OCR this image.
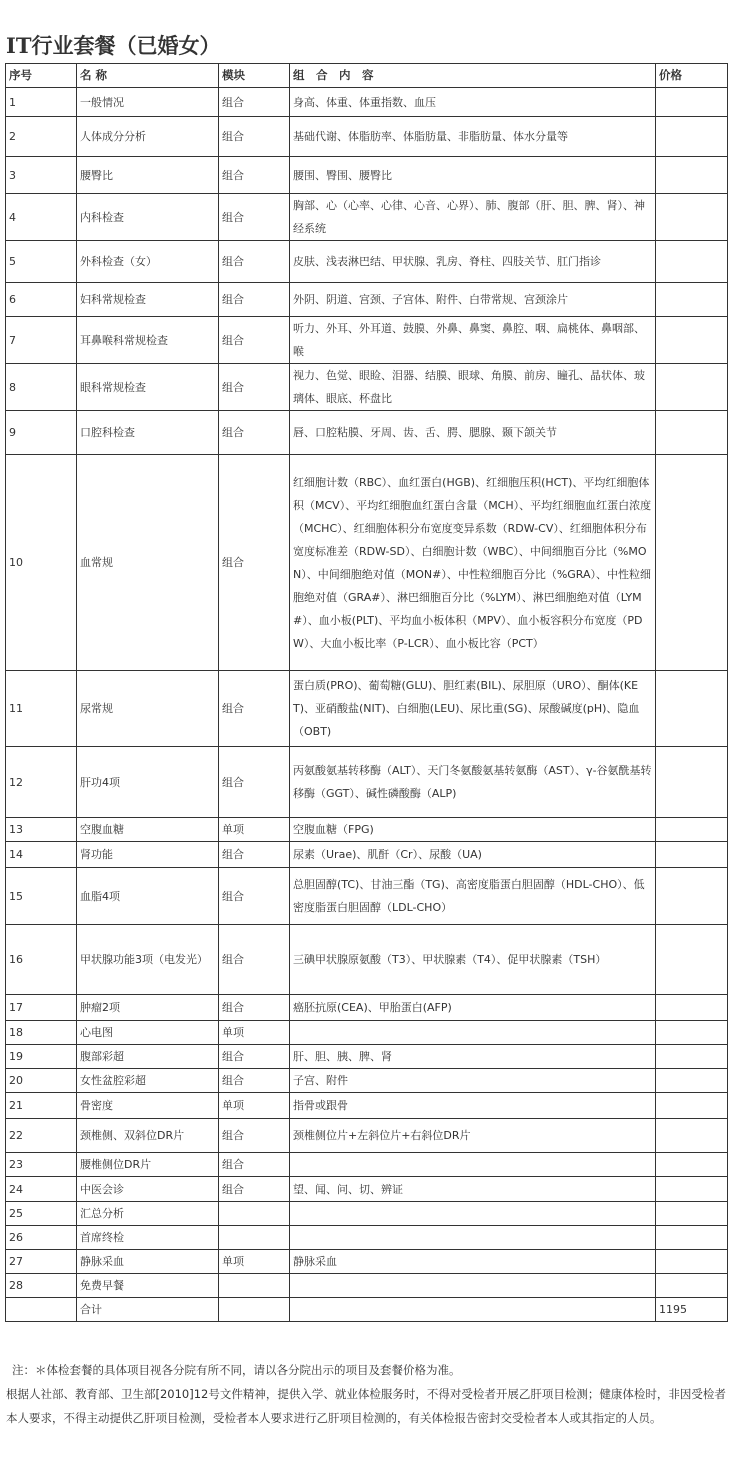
IT行业套餐（已婚女）
序号	名 称	模块	组　合　内　容	价格
1	一般情况	组合	身高、体重、体重指数、血压	
2	人体成分分析	组合	基础代谢、体脂肪率、体脂肪量、非脂肪量、体水分量等	
3	腰臀比	组合	腰围、臀围、腰臀比	
4	内科检查	组合	胸部、心（心率、心律、心音、心界）、肺、腹部（肝、胆、脾、肾）、神经系统	
5	外科检查（女）	组合	皮肤、浅表淋巴结、甲状腺、乳房、脊柱、四肢关节、肛门指诊	
6	妇科常规检查	组合	外阴、阴道、宫颈、子宫体、附件、白带常规、宫颈涂片	
7	耳鼻喉科常规检查	组合	听力、外耳、外耳道、鼓膜、外鼻、鼻窦、鼻腔、咽、扁桃体、鼻咽部、喉	
8	眼科常规检查	组合	视力、色觉、眼睑、泪器、结膜、眼球、角膜、前房、瞳孔、晶状体、玻璃体、眼底、杯盘比	
9	口腔科检查	组合	唇、口腔粘膜、牙周、齿、舌、腭、腮腺、颞下颌关节	
10	血常规	组合	红细胞计数（RBC）、血红蛋白(HGB)、红细胞压积(HCT)、平均红细胞体积（MCV）、平均红细胞血红蛋白含量（MCH）、平均红细胞血红蛋白浓度（MCHC）、红细胞体积分布宽度变异系数（RDW-CV）、红细胞体积分布宽度标准差（RDW-SD）、白细胞计数（WBC）、中间细胞百分比（%MON）、中间细胞绝对值（MON#）、中性粒细胞百分比（%GRA）、中性粒细胞绝对值（GRA#）、淋巴细胞百分比（%LYM）、淋巴细胞绝对值（LYM#）、血小板(PLT)、平均血小板体积（MPV）、血小板容积分布宽度（PDW）、大血小板比率（P-LCR）、血小板比容（PCT）	
11	尿常规	组合	蛋白质(PRO)、葡萄糖(GLU)、胆红素(BIL)、尿胆原（URO）、酮体(KET)、亚硝酸盐(NIT)、白细胞(LEU)、尿比重(SG)、尿酸碱度(pH)、隐血（OBT)	
12	肝功4项	组合	丙氨酸氨基转移酶（ALT）、天门冬氨酸氨基转氨酶（AST）、γ-谷氨酰基转移酶（GGT）、碱性磷酸酶（ALP)	
13	空腹血糖	单项	空腹血糖（FPG)	
14	肾功能	组合	尿素（Urae)、肌酐（Cr）、尿酸（UA)	
15	血脂4项	组合	总胆固醇(TC)、甘油三酯（TG)、高密度脂蛋白胆固醇（HDL-CHO）、低密度脂蛋白胆固醇（LDL-CHO）	
16	甲状腺功能3项（电发光）	组合	三碘甲状腺原氨酸（T3）、甲状腺素（T4）、促甲状腺素（TSH）	
17	肿瘤2项	组合	癌胚抗原(CEA)、甲胎蛋白(AFP)	
18	心电图	单项		
19	腹部彩超	组合	肝、胆、胰、脾、肾	
20	女性盆腔彩超	组合	子宫、附件	
21	骨密度	单项	指骨或跟骨	
22	颈椎侧、双斜位DR片	组合	颈椎侧位片+左斜位片+右斜位DR片	
23	腰椎侧位DR片	组合		
24	中医会诊	组合	望、闻、问、切、辨证	
25	汇总分析			
26	首席终检			
27	静脉采血	单项	静脉采血	
28	免费早餐			
	合计			1195

注：＊体检套餐的具体项目视各分院有所不同，请以各分院出示的项目及套餐价格为准。

根据人社部、教育部、卫生部[2010]12号文件精神，提供入学、就业体检服务时，不得对受检者开展乙肝项目检测；健康体检时，非因受检者本人要求，不得主动提供乙肝项目检测，受检者本人要求进行乙肝项目检测的，有关体检报告密封交受检者本人或其指定的人员。
